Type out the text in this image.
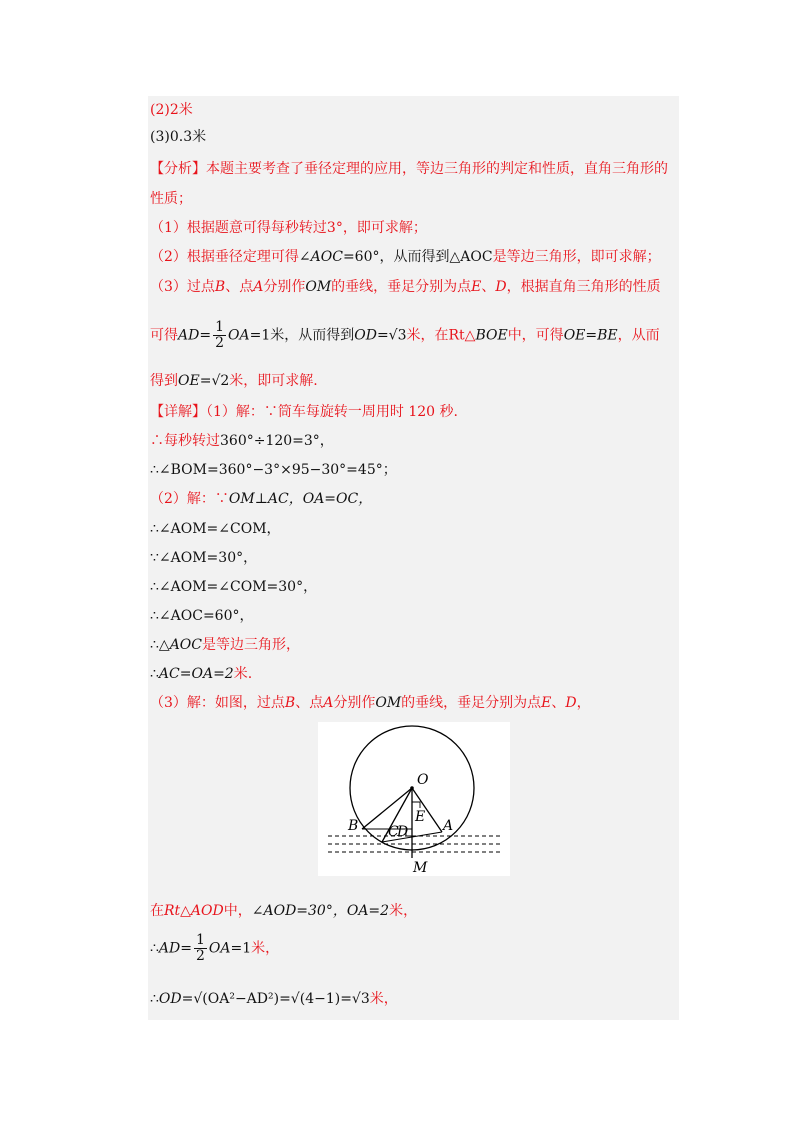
(2)2米
(3)0.3米
【分析】本题主要考查了垂径定理的应用，等边三角形的判定和性质，直角三角形的
性质；
（1）根据题意可得每秒转过3°，即可求解；
（2）根据垂径定理可得∠AOC=60°，从而得到△AOC是等边三角形，即可求解；
（3）过点B、点A分别作OM的垂线，垂足分别为点E、D，根据直角三角形的性质
可得$AD= \frac{1}{2} OA=1$米，从而得到OD=√3米，在Rt△BOE中，可得OE=BE，从而
得到OE=√2米，即可求解.
【详解】（1）解：∵筒车每旋转一周用时 120 秒.
∴每秒转过360°÷120=3°，
∴∠BOM=360°−3°×95−30°=45°；
（2）解：∵OM⊥AC，OA=OC，
∴∠AOM=∠COM，
∵∠AOM=30°，
∴∠AOM=∠COM=30°，
∴∠AOC=60°，
∴△AOC是等边三角形，
∴AC=OA=2米.
（3）解：如图，过点B、点A分别作OM的垂线，垂足分别为点E、D，
O
B C
D
E
A
M
在Rt△AOD中，∠AOD=30°，OA=2米，
∴AD= $\frac{1}{2} OA=1$米，
∴OD=√(OA²−AD²)=√(4−1)=√3米，
